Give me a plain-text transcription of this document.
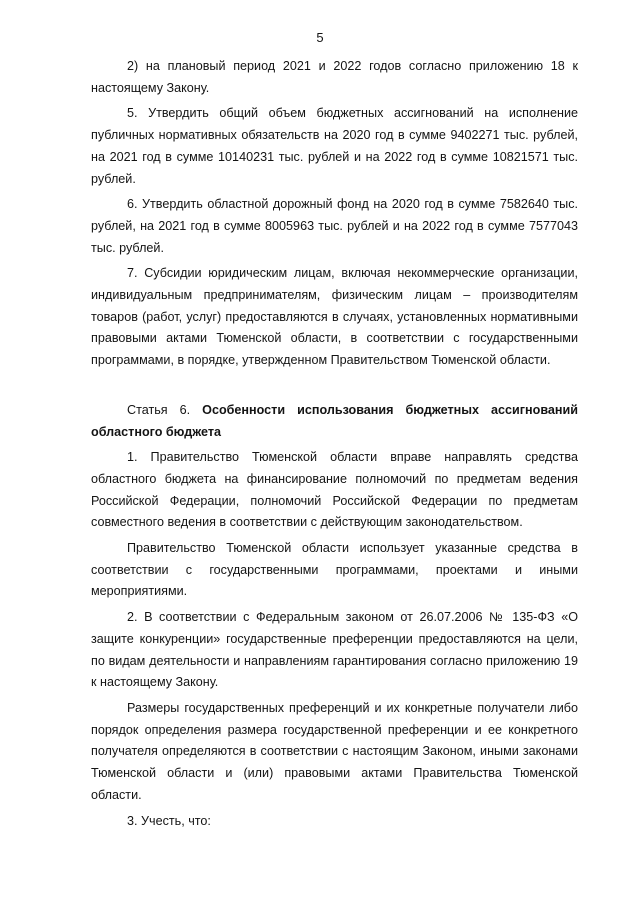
5

2) на плановый период 2021 и 2022 годов согласно приложению 18 к настоящему Закону.

5. Утвердить общий объем бюджетных ассигнований на исполнение публичных нормативных обязательств на 2020 год в сумме 9402271 тыс. рублей, на 2021 год в сумме 10140231 тыс. рублей и на 2022 год в сумме 10821571 тыс. рублей.

6. Утвердить областной дорожный фонд на 2020 год в сумме 7582640 тыс. рублей, на 2021 год в сумме 8005963 тыс. рублей и на 2022 год в сумме 7577043 тыс. рублей.

7. Субсидии юридическим лицам, включая некоммерческие организации, индивидуальным предпринимателям, физическим лицам – производителям товаров (работ, услуг) предоставляются в случаях, установленных нормативными правовыми актами Тюменской области, в соответствии с государственными программами, в порядке, утвержденном Правительством Тюменской области.

Статья 6. Особенности использования бюджетных ассигнований областного бюджета

1. Правительство Тюменской области вправе направлять средства областного бюджета на финансирование полномочий по предметам ведения Российской Федерации, полномочий Российской Федерации по предметам совместного ведения в соответствии с действующим законодательством.

Правительство Тюменской области использует указанные средства в соответствии с государственными программами, проектами и иными мероприятиями.

2. В соответствии с Федеральным законом от 26.07.2006 № 135-ФЗ «О защите конкуренции» государственные преференции предоставляются на цели, по видам деятельности и направлениям гарантирования согласно приложению 19 к настоящему Закону.

Размеры государственных преференций и их конкретные получатели либо порядок определения размера государственной преференции и ее конкретного получателя определяются в соответствии с настоящим Законом, иными законами Тюменской области и (или) правовыми актами Правительства Тюменской области.

3. Учесть, что:
